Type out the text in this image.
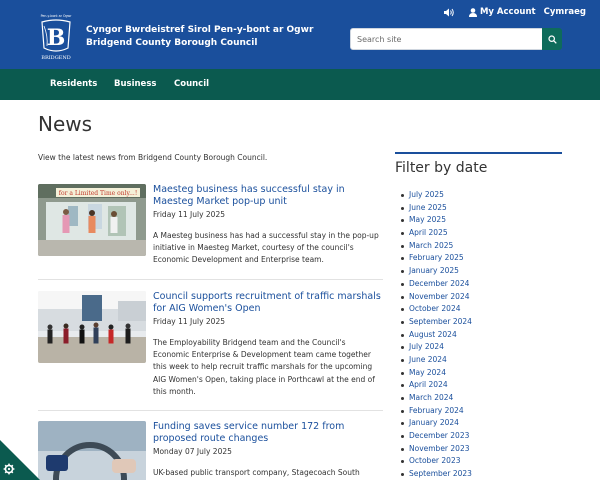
Pen-y-bont ar Ogwr
B
BRIDGEND
Cyngor Bwrdeistref Sirol Pen-y-bont ar Ogwr
Bridgend County Borough Council
My Account Cymraeg
Search site
Residents Business Council
News
View the latest news from Bridgend County Borough Council.
for a Limited Time only...! Maesteg business has successful stay in Maesteg Market pop-up unit
Friday 11 July 2025
A Maesteg business has had a successful stay in the pop-up initiative in Maesteg Market, courtesy of the council's Economic Development and Enterprise team.
Council supports recruitment of traffic marshals for AIG Women's Open
Friday 11 July 2025
The Employability Bridgend team and the Council's Economic Enterprise & Development team came together this week to help recruit traffic marshals for the upcoming AIG Women's Open, taking place in Porthcawl at the end of this month.
Funding saves service number 172 from proposed route changes
Monday 07 July 2025
UK-based public transport company, Stagecoach South
Filter by date
July 2025
June 2025
May 2025
April 2025
March 2025
February 2025
January 2025
December 2024
November 2024
October 2024
September 2024
August 2024
July 2024
June 2024
May 2024
April 2024
March 2024
February 2024
January 2024
December 2023
November 2023
October 2023
September 2023
